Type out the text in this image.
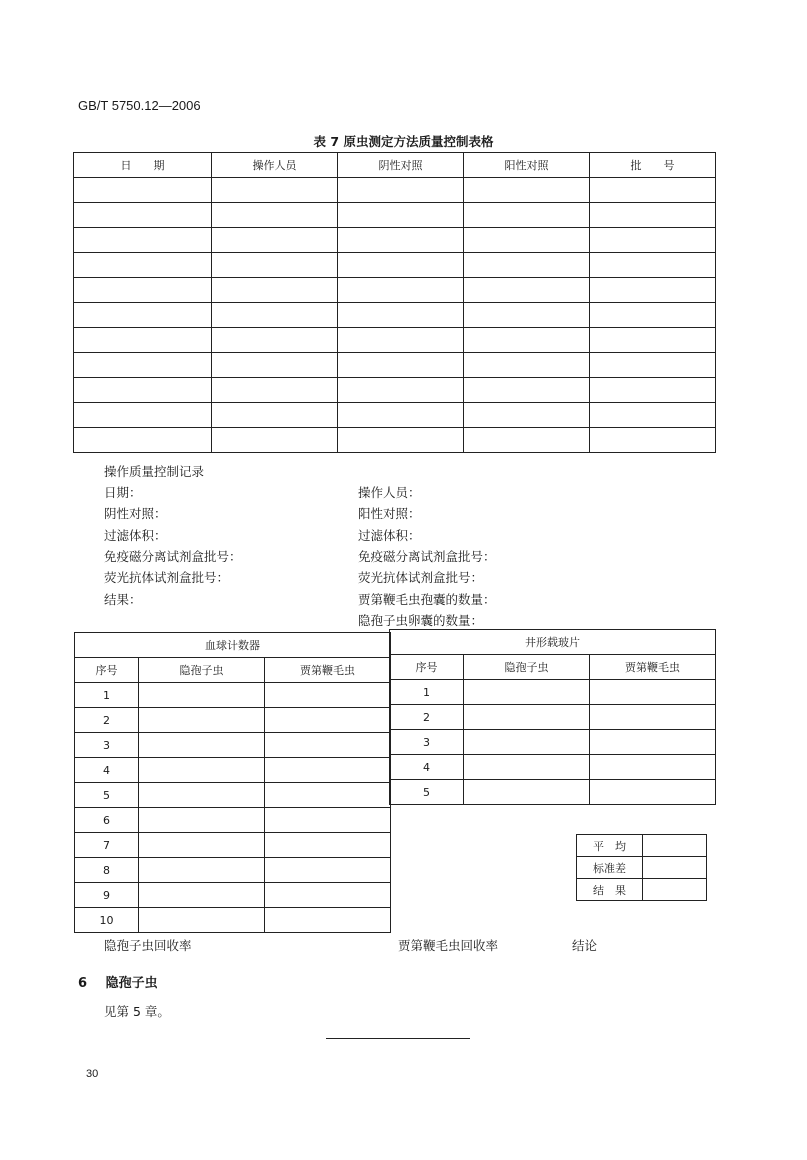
GB/T 5750.12—2006
表 7 原虫测定方法质量控制表格
日　　期	操作人员	阴性对照	阳性对照	批　　号

操作质量控制记录
日期：
阴性对照：
过滤体积：
免疫磁分离试剂盒批号：
荧光抗体试剂盒批号：
结果：
操作人员：
阳性对照：
过滤体积：
免疫磁分离试剂盒批号：
荧光抗体试剂盒批号：
贾第鞭毛虫孢囊的数量：
隐孢子虫卵囊的数量：
血球计数器		
序号	隐孢子虫	贾第鞭毛虫
1		
2		
3		
4		
5		
6		
7		
8		
9		
10		
井形载玻片		
序号	隐孢子虫	贾第鞭毛虫
1		
2		
3		
4		
5		
平　均	
标准差	
结　果	
隐孢子虫回收率	贾第鞭毛虫回收率	结论
6 隐孢子虫
见第 5 章。
30
